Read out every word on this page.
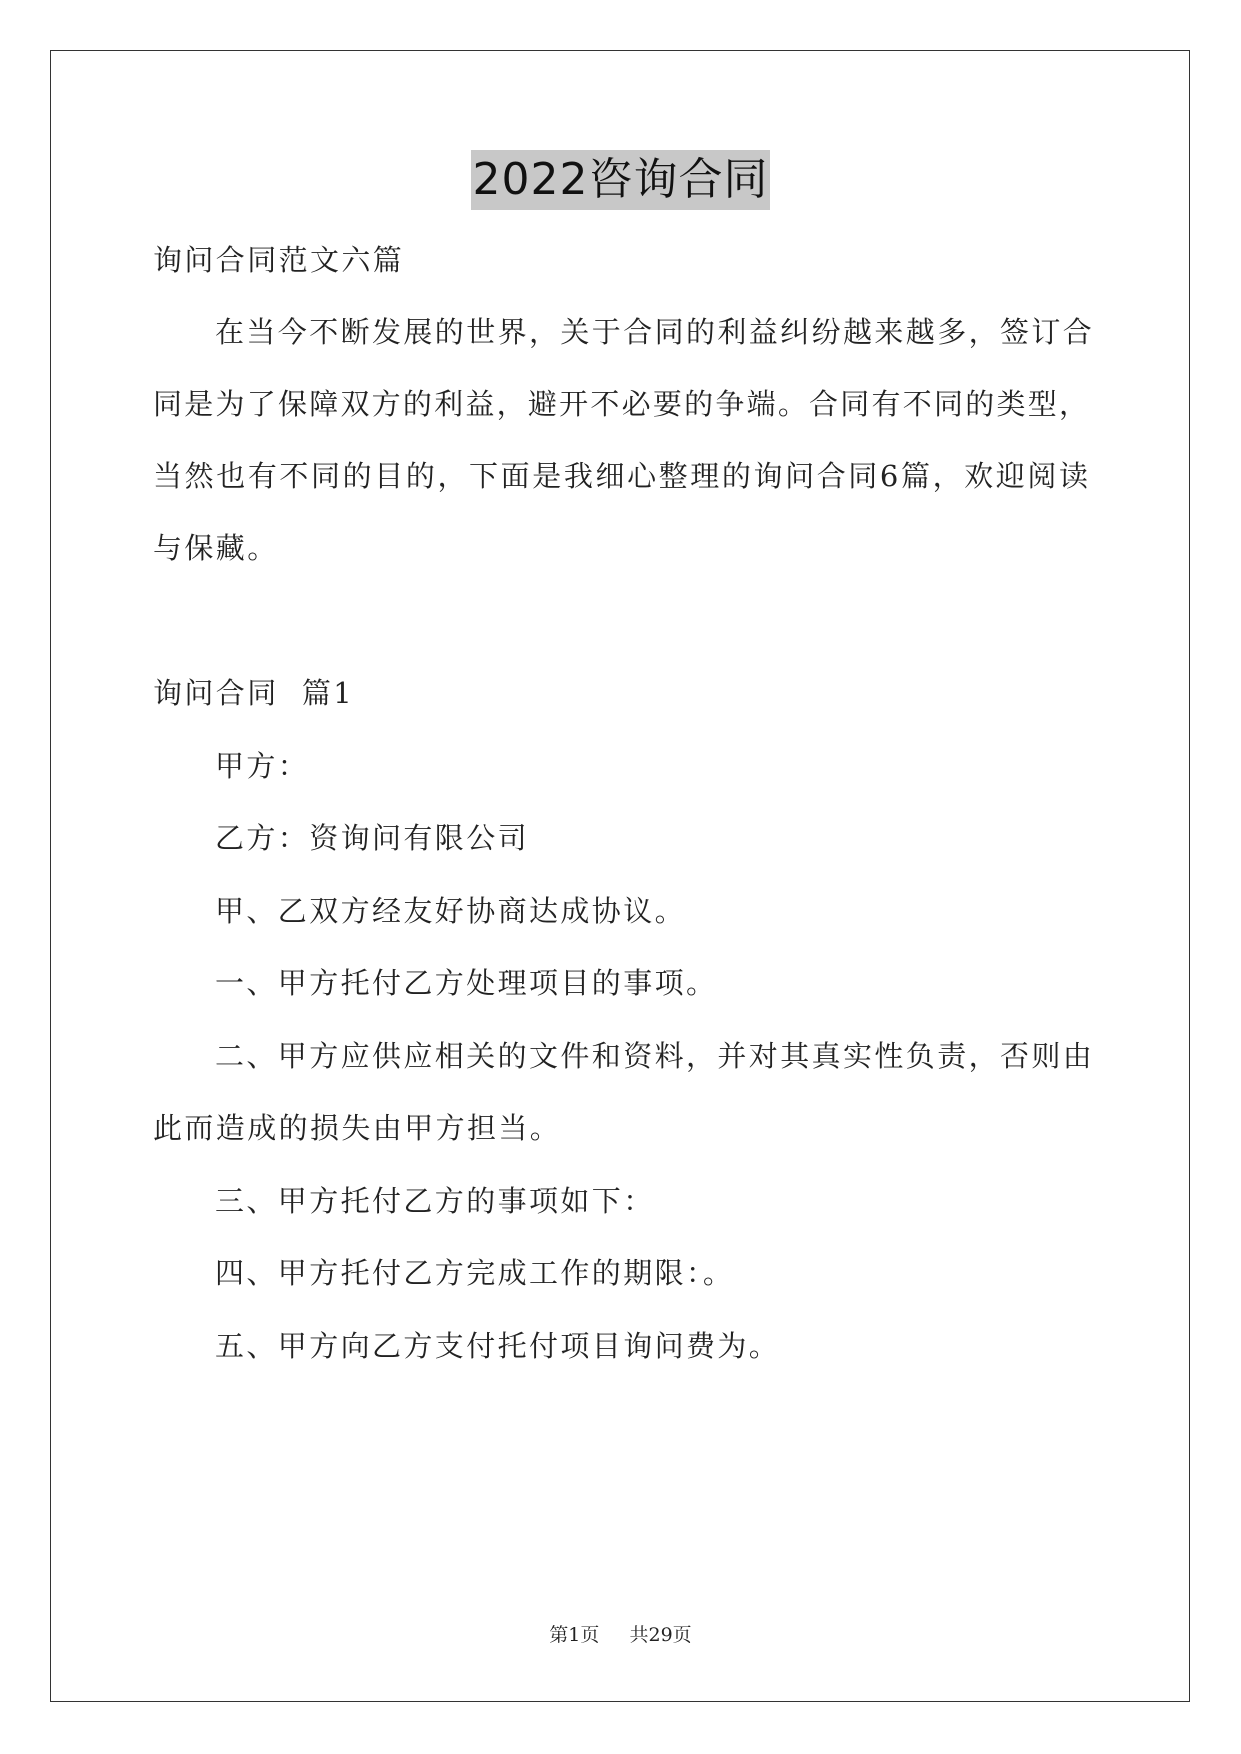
2022咨询合同
询问合同范文六篇
在当今不断发展的世界，关于合同的利益纠纷越来越多，签订合
同是为了保障双方的利益，避开不必要的争端。合同有不同的类型，
当然也有不同的目的，下面是我细心整理的询问合同6篇，欢迎阅读
与保藏。
询问合同  篇1
甲方：
乙方：资询问有限公司
甲、乙双方经友好协商达成协议。
一、甲方托付乙方处理项目的事项。
二、甲方应供应相关的文件和资料，并对其真实性负责，否则由
此而造成的损失由甲方担当。
三、甲方托付乙方的事项如下：
四、甲方托付乙方完成工作的期限：。
五、甲方向乙方支付托付项目询问费为。
第1页   共29页
